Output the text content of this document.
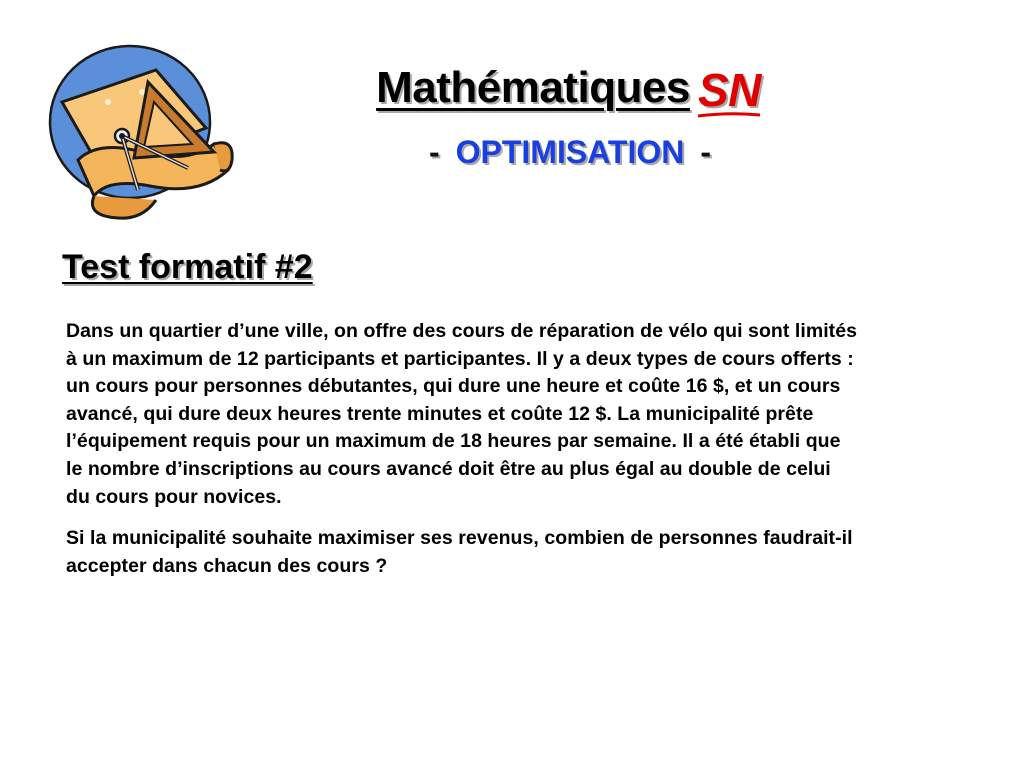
Mathématiques SN
- OPTIMISATION -
Test formatif #2

Dans un quartier d’une ville, on offre des cours de réparation de vélo qui sont limités
à un maximum de 12 participants et participantes. Il y a deux types de cours offerts :
un cours pour personnes débutantes, qui dure une heure et coûte 16 $, et un cours
avancé, qui dure deux heures trente minutes et coûte 12 $. La municipalité prête
l’équipement requis pour un maximum de 18 heures par semaine. Il a été établi que
le nombre d’inscriptions au cours avancé doit être au plus égal au double de celui
du cours pour novices.

Si la municipalité souhaite maximiser ses revenus, combien de personnes faudrait-il
accepter dans chacun des cours ?
